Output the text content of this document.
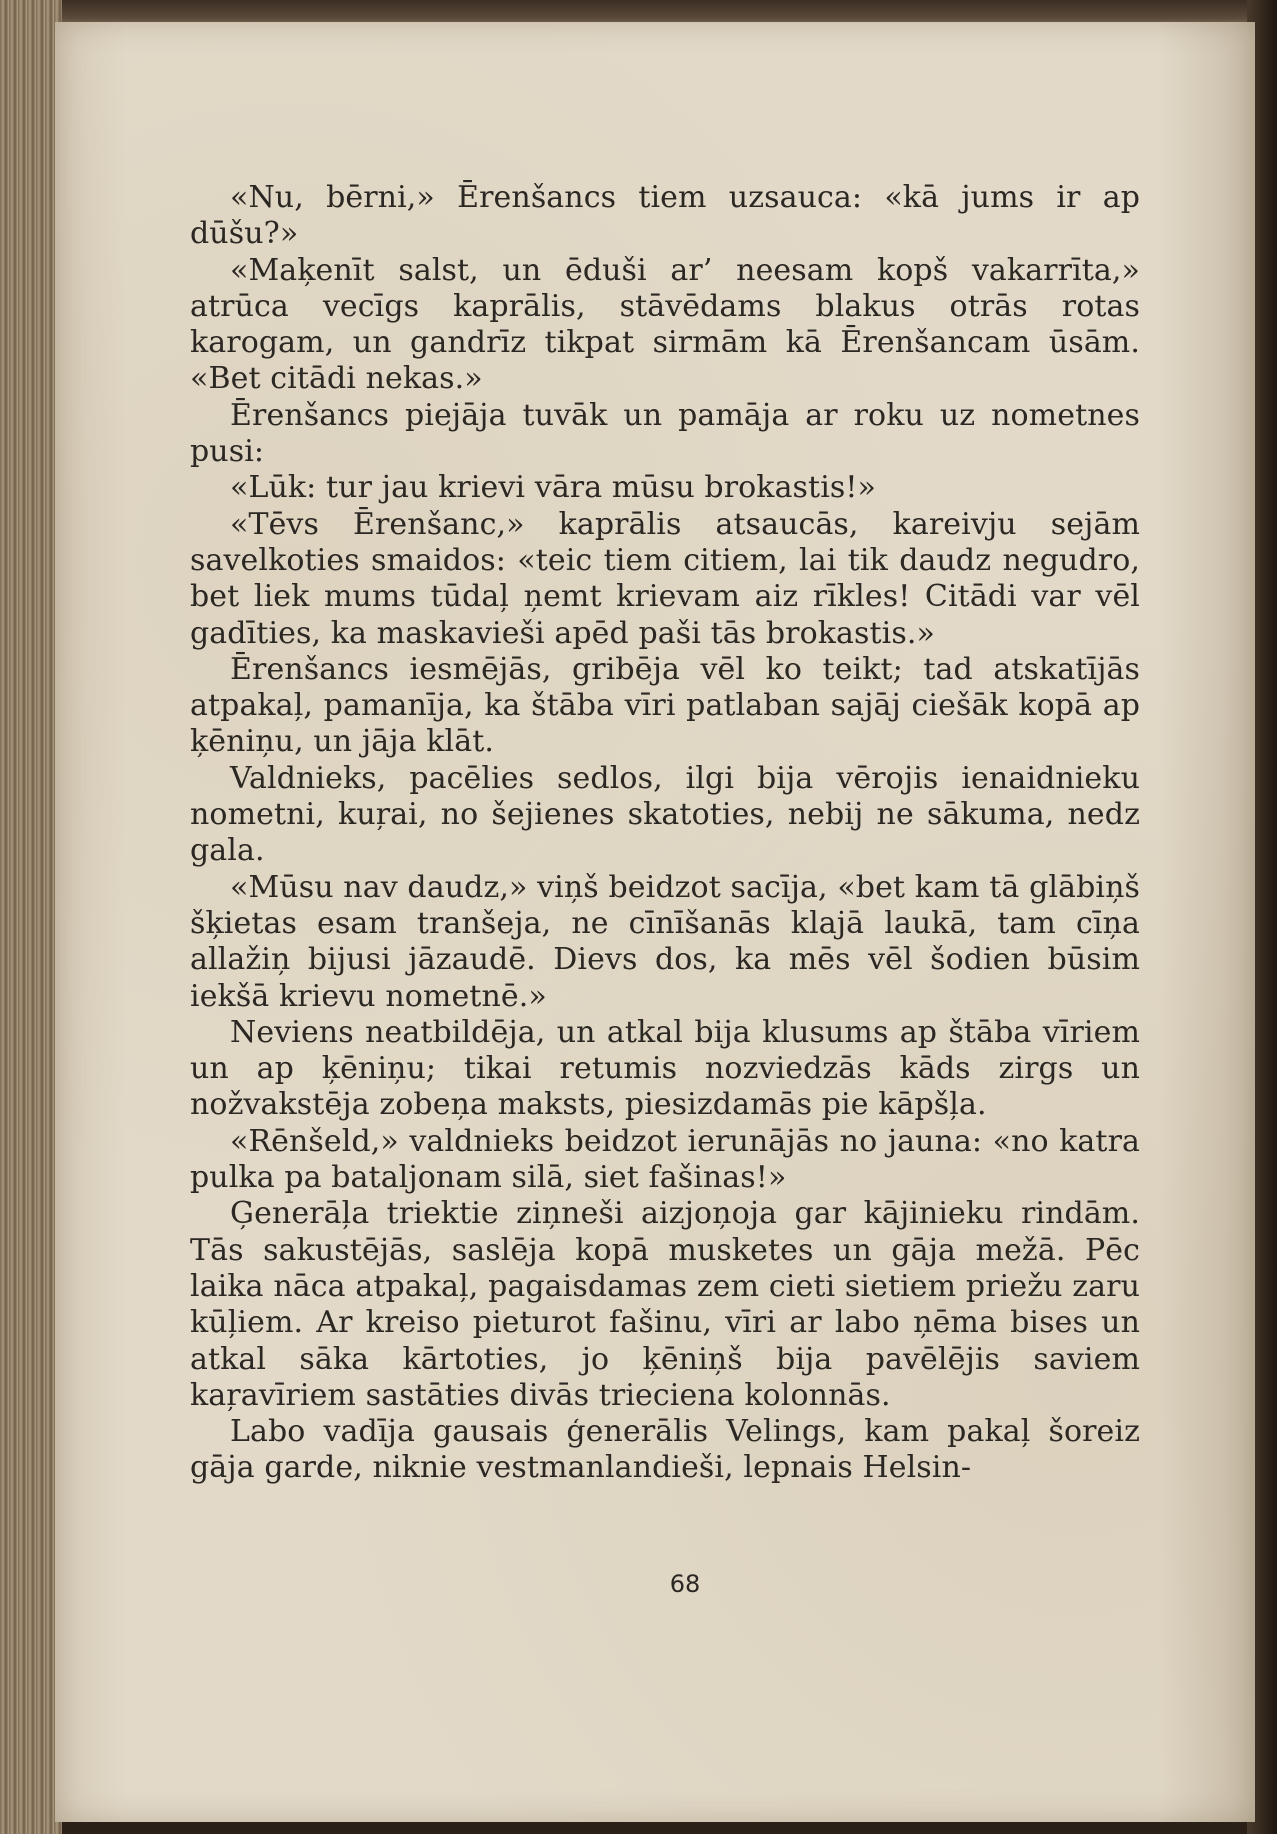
«Nu, bērni,» Ērenšancs tiem uzsauca: «kā jums ir ap dūšu?»

«Maķenīt salst, un ēduši ar’ neesam kopš vakarrīta,» atrūca vecīgs kaprālis, stāvēdams blakus otrās rotas karogam, un gandrīz tikpat sirmām kā Ērenšancam ūsām. «Bet citādi nekas.»

Ērenšancs piejāja tuvāk un pamāja ar roku uz nometnes pusi:

«Lūk: tur jau krievi vāra mūsu brokastis!»

«Tēvs Ērenšanc,» kaprālis atsaucās, kareivju sejām savelkoties smaidos: «teic tiem citiem, lai tik daudz negudro, bet liek mums tūdaļ ņemt krievam aiz rīkles! Citādi var vēl gadīties, ka maskavieši apēd paši tās brokastis.»

Ērenšancs iesmējās, gribēja vēl ko teikt; tad atskatījās atpakaļ, pamanīja, ka štāba vīri patlaban sajāj ciešāk kopā ap ķēniņu, un jāja klāt.

Valdnieks, pacēlies sedlos, ilgi bija vērojis ienaidnieku nometni, kuŗai, no šejienes skatoties, nebij ne sākuma, nedz gala.

«Mūsu nav daudz,» viņš beidzot sacīja, «bet kam tā glābiņš šķietas esam tranšeja, ne cīnīšanās klajā laukā, tam cīņa allažiņ bijusi jāzaudē. Dievs dos, ka mēs vēl šodien būsim iekšā krievu nometnē.»

Neviens neatbildēja, un atkal bija klusums ap štāba vīriem un ap ķēniņu; tikai retumis nozviedzās kāds zirgs un nožvakstēja zobeņa maksts, piesizdamās pie kāpšļa.

«Rēnšeld,» valdnieks beidzot ierunājās no jauna: «no katra pulka pa bataljonam silā, siet fašinas!»

Ģenerāļa triektie ziņneši aizjoņoja gar kājinieku rindām. Tās sakustējās, saslēja kopā musketes un gāja mežā. Pēc laika nāca atpakaļ, pagaisdamas zem cieti sietiem priežu zaru kūļiem. Ar kreiso pieturot fašinu, vīri ar labo ņēma bises un atkal sāka kārtoties, jo ķēniņš bija pavēlējis saviem kaŗavīriem sastāties divās trieciena kolonnās.

Labo vadīja gausais ģenerālis Velings, kam pakaļ šoreiz gāja garde, niknie vestmanlandieši, lepnais Helsin-

68
